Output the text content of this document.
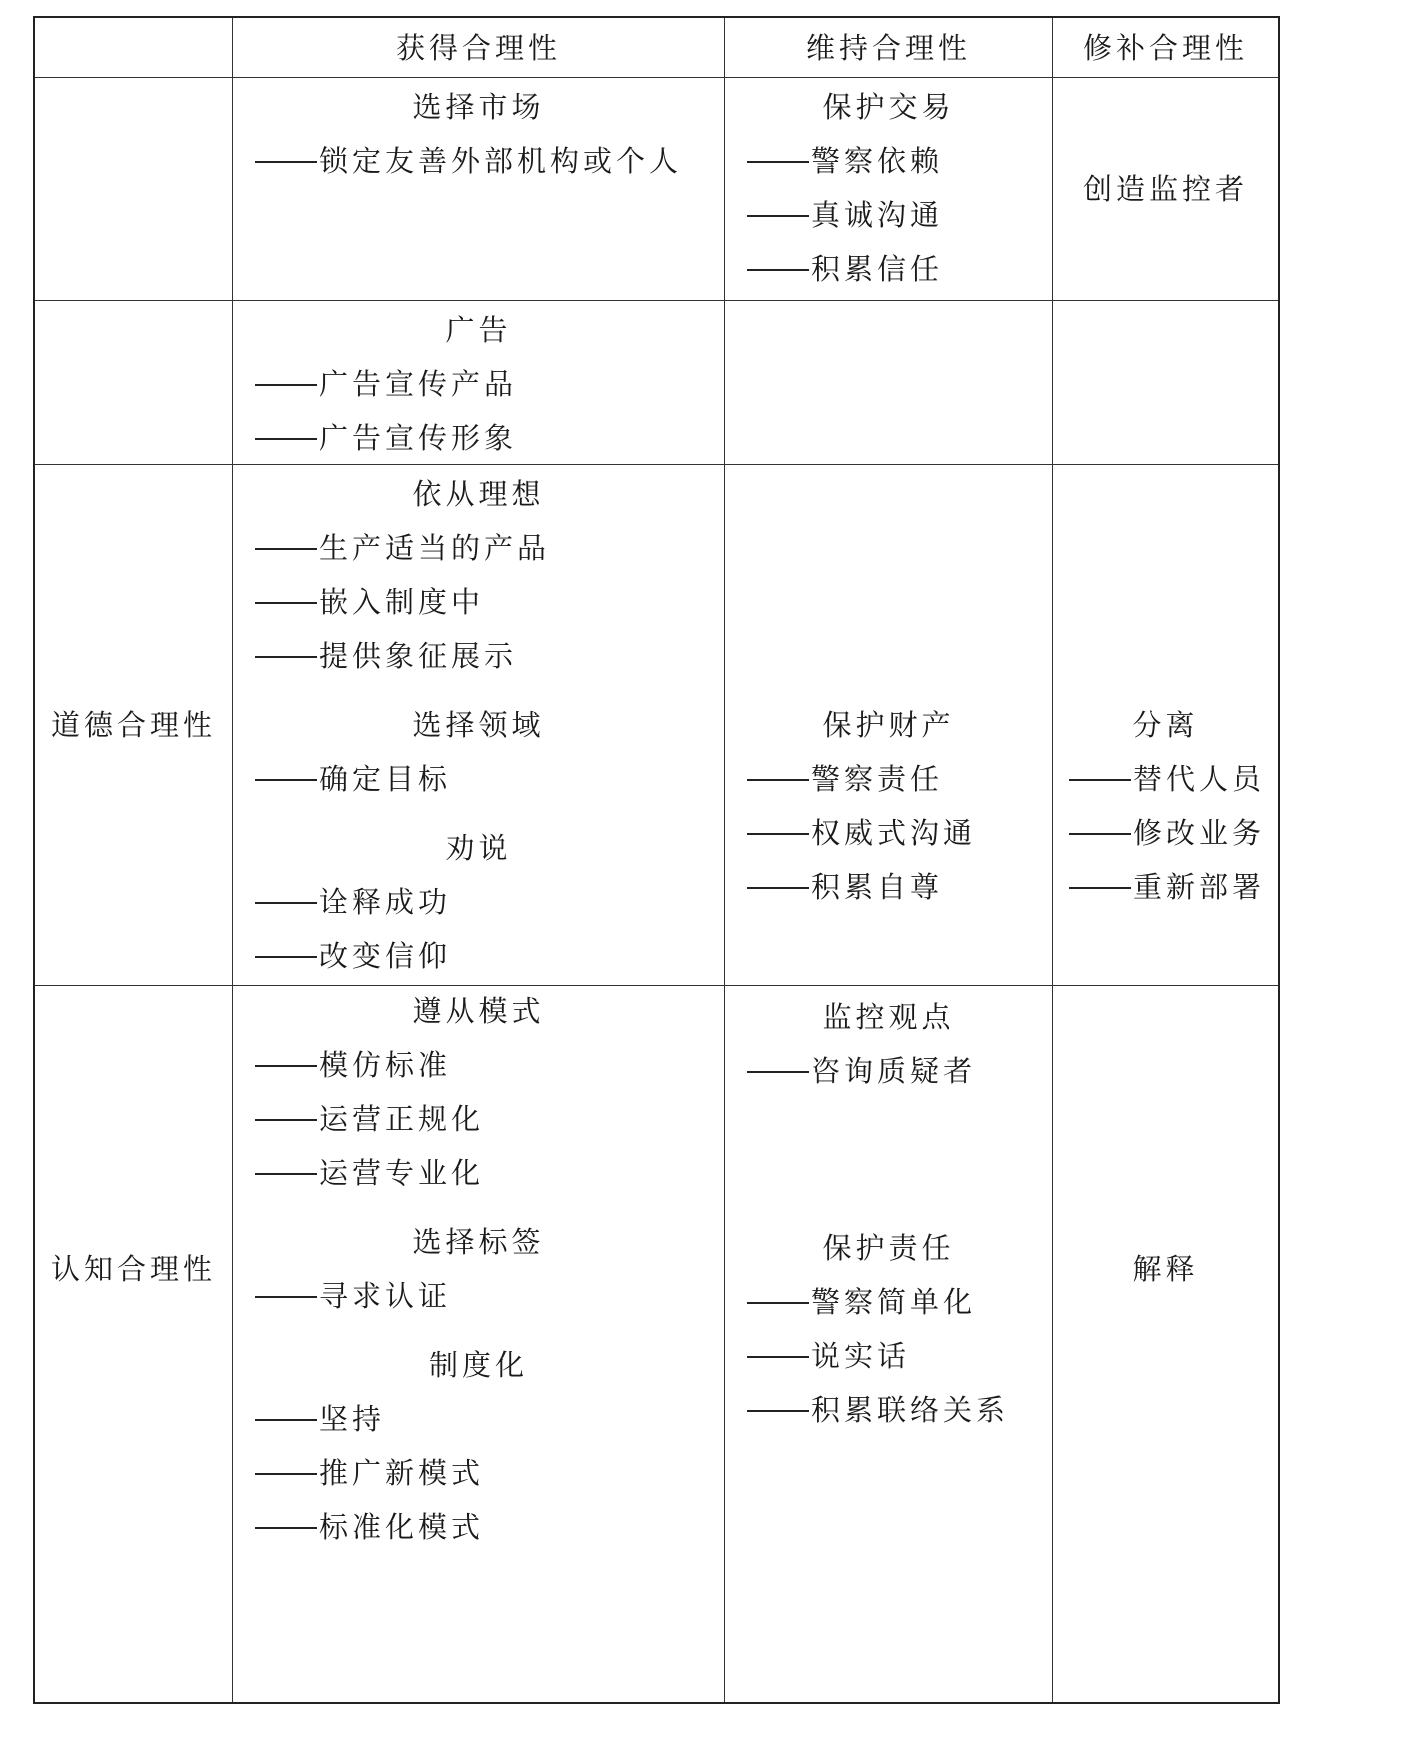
获得合理性	维持合理性	修补合理性
选择市场
锁定友善外部机构或个人
保护交易
警察依赖
真诚沟通
积累信任
创造监控者
广告
广告宣传产品
广告宣传形象
道德合理性
依从理想
生产适当的产品
嵌入制度中
提供象征展示
选择领域
确定目标
劝说
诠释成功
改变信仰
保护财产
警察责任
权威式沟通
积累自尊
分离
替代人员
修改业务
重新部署
认知合理性
遵从模式
模仿标准
运营正规化
运营专业化
选择标签
寻求认证
制度化
坚持
推广新模式
标准化模式
监控观点
咨询质疑者
保护责任
警察简单化
说实话
积累联络关系
解释
